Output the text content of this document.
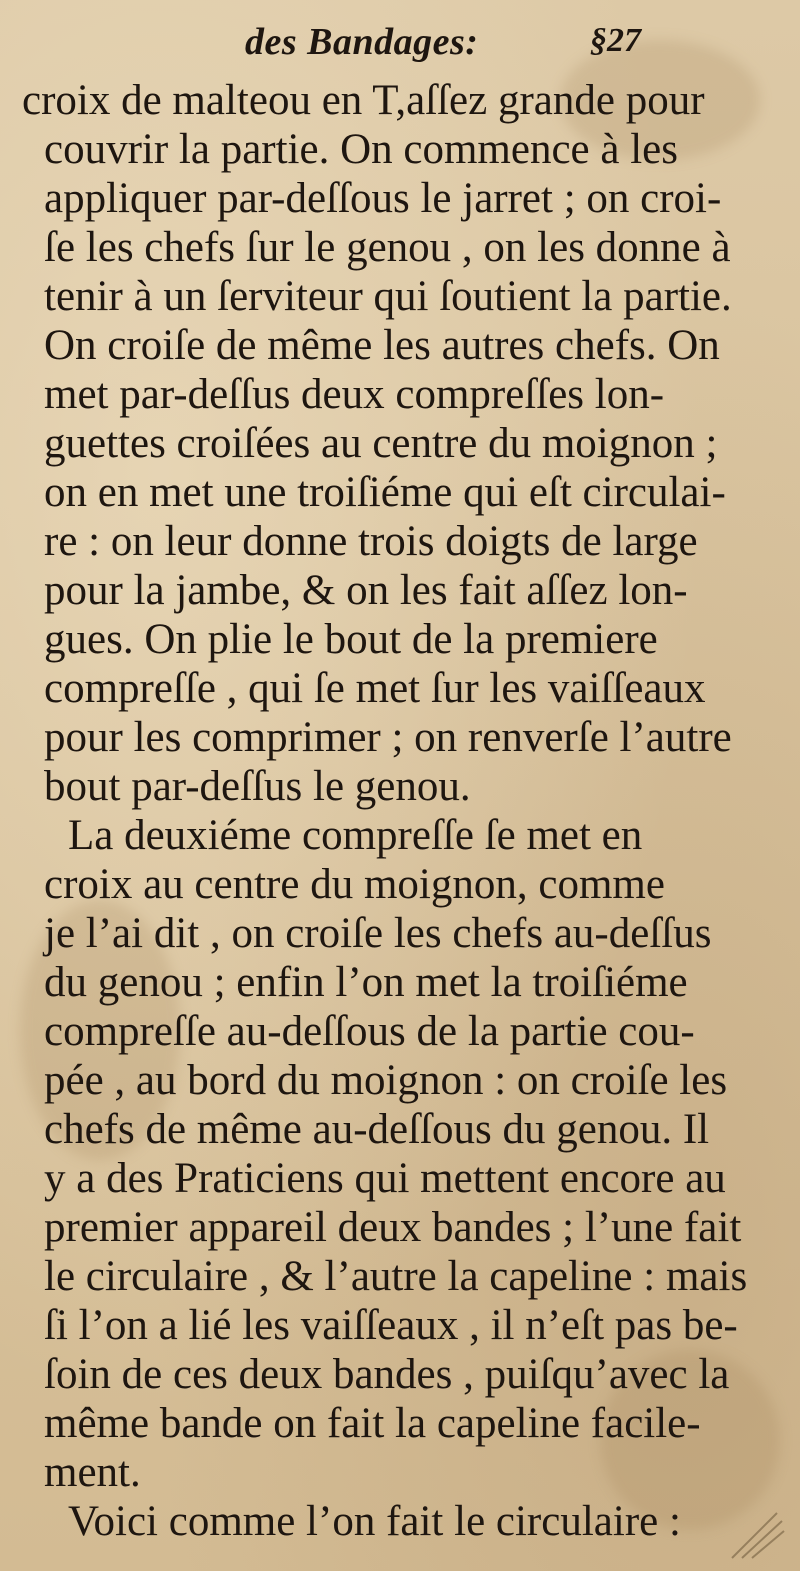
des Bandages:	§27
croix de malteou en T,aſſez grande pour
couvrir la partie. On commence à les
appliquer par-deſſous le jarret ; on croi-
ſe les chefs ſur le genou , on les donne à
tenir à un ſerviteur qui ſoutient la partie.
On croiſe de même les autres chefs. On
met par-deſſus deux compreſſes lon-
guettes croiſées au centre du moignon ;
on en met une troiſiéme qui eſt circulai-
re : on leur donne trois doigts de large
pour la jambe, & on les fait aſſez lon-
gues. On plie le bout de la premiere
compreſſe , qui ſe met ſur les vaiſſeaux
pour les comprimer ; on renverſe l’autre
bout par-deſſus le genou.
La deuxiéme compreſſe ſe met en
croix au centre du moignon, comme
je l’ai dit , on croiſe les chefs au-deſſus
du genou ; enfin l’on met la troiſiéme
compreſſe au-deſſous de la partie cou-
pée , au bord du moignon : on croiſe les
chefs de même au-deſſous du genou. Il
y a des Praticiens qui mettent encore au
premier appareil deux bandes ; l’une fait
le circulaire , & l’autre la capeline : mais
ſi l’on a lié les vaiſſeaux , il n’eſt pas be-
ſoin de ces deux bandes , puiſqu’avec la
même bande on fait la capeline facile-
ment.
Voici comme l’on fait le circulaire :
